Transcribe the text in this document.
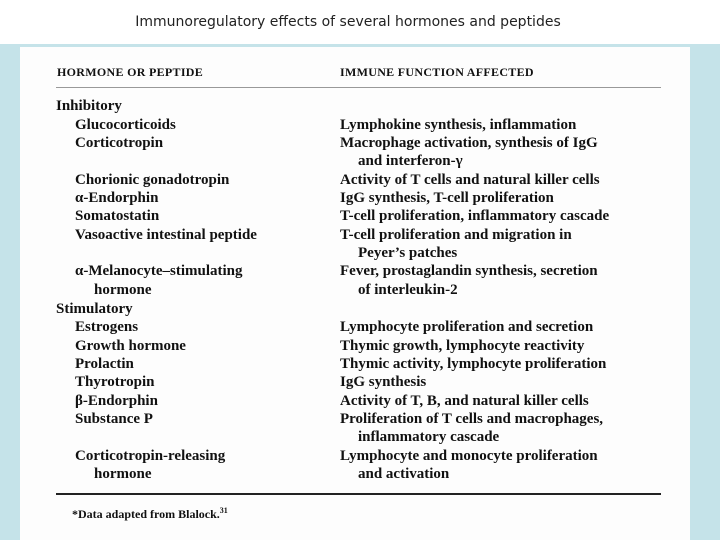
Immunoregulatory effects of several hormones and peptides
HORMONE OR PEPTIDE	IMMUNE FUNCTION AFFECTED
Inhibitory
Glucocorticoids	Lymphokine synthesis, inflammation
Corticotropin	Macrophage activation, synthesis of IgG
and interferon-γ
Chorionic gonadotropin	Activity of T cells and natural killer cells
α-Endorphin	IgG synthesis, T-cell proliferation
Somatostatin	T-cell proliferation, inflammatory cascade
Vasoactive intestinal peptide	T-cell proliferation and migration in
Peyer’s patches
α-Melanocyte–stimulating	Fever, prostaglandin synthesis, secretion
hormone	of interleukin-2
Stimulatory
Estrogens	Lymphocyte proliferation and secretion
Growth hormone	Thymic growth, lymphocyte reactivity
Prolactin	Thymic activity, lymphocyte proliferation
Thyrotropin	IgG synthesis
β-Endorphin	Activity of T, B, and natural killer cells
Substance P	Proliferation of T cells and macrophages,
inflammatory cascade
Corticotropin-releasing	Lymphocyte and monocyte proliferation
hormone	and activation
*Data adapted from Blalock.$^{31}$
